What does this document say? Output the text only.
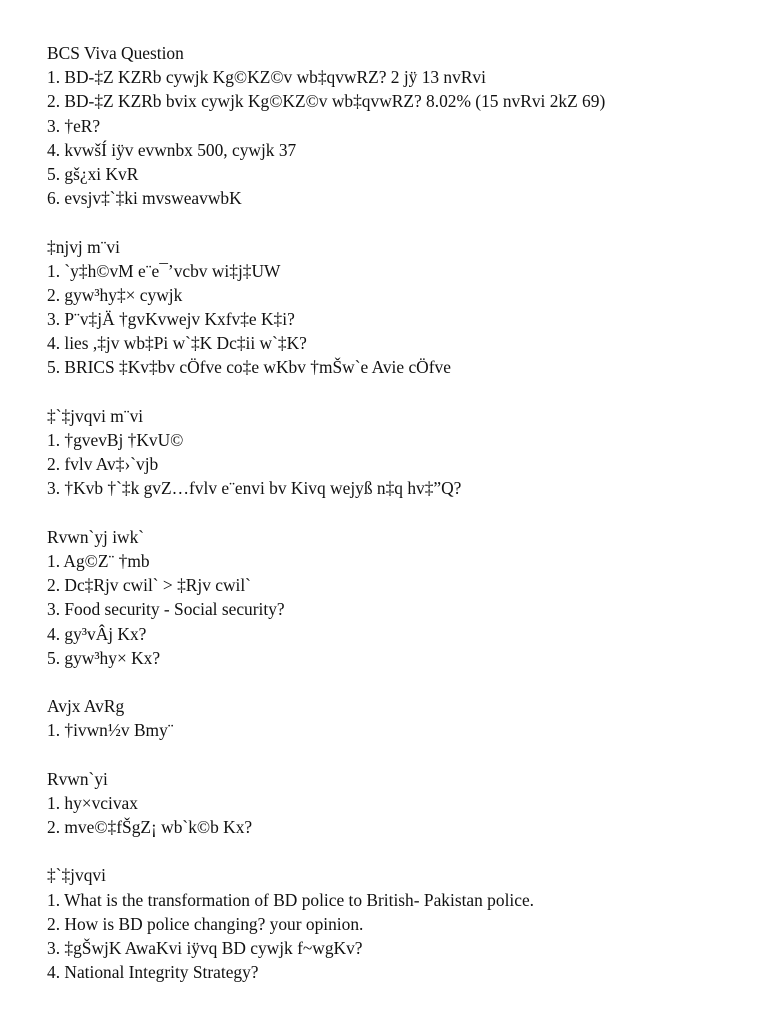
BCS Viva Question
1. BD-‡Z KZRb cywjk Kg©KZ©v wb‡qvwRZ? 2 jÿ 13 nvRvi
2. BD-‡Z KZRb bvix cywjk Kg©KZ©v wb‡qvwRZ? 8.02% (15 nvRvi 2kZ 69)
3. †eR?
4. kvwšÍ iÿv evwnbx 500, cywjk 37
5. gš¿xi KvR
6. evsjv‡`‡ki mvsweavwbK
‡njvj m¨vi
1. `y‡h©vM e¨e¯’vcbv wi‡j‡UW
2. gyw³hy‡× cywjk
3. P¨v‡jÄ †gvKvwejv Kxfv‡e K‡i?
4. lies ,‡jv wb‡Pi w`‡K Dc‡ii w`‡K?
5. BRICS ‡Kv‡bv cÖfve co‡e wKbv †mŠw`e Avie cÖfve
‡`‡jvqvi m¨vi
1. †gvevBj †KvU©
2. fvlv Av‡›`vjb
3. †Kvb †`‡k gvZ…fvlv e¨envi bv Kivq wejyß n‡q hv‡”Q?
Rvwn`yj iwk`
1. Ag©Z¨ †mb
2. Dc‡Rjv cwil` > ‡Rjv cwil`
3. Food security - Social security?
4. gy³vÂj Kx?
5. gyw³hy× Kx?
Avjx AvRg
1. †ivwn½v Bmy¨
Rvwn`yi
1. hy×vcivax
2. mve©‡fŠgZ¡ wb`k©b Kx?
‡`‡jvqvi
1. What is the transformation of BD police to British- Pakistan police.
2. How is BD police changing? your opinion.
3. ‡gŠwjK AwaKvi iÿvq BD cywjk f~wgKv?
4. National Integrity Strategy?
